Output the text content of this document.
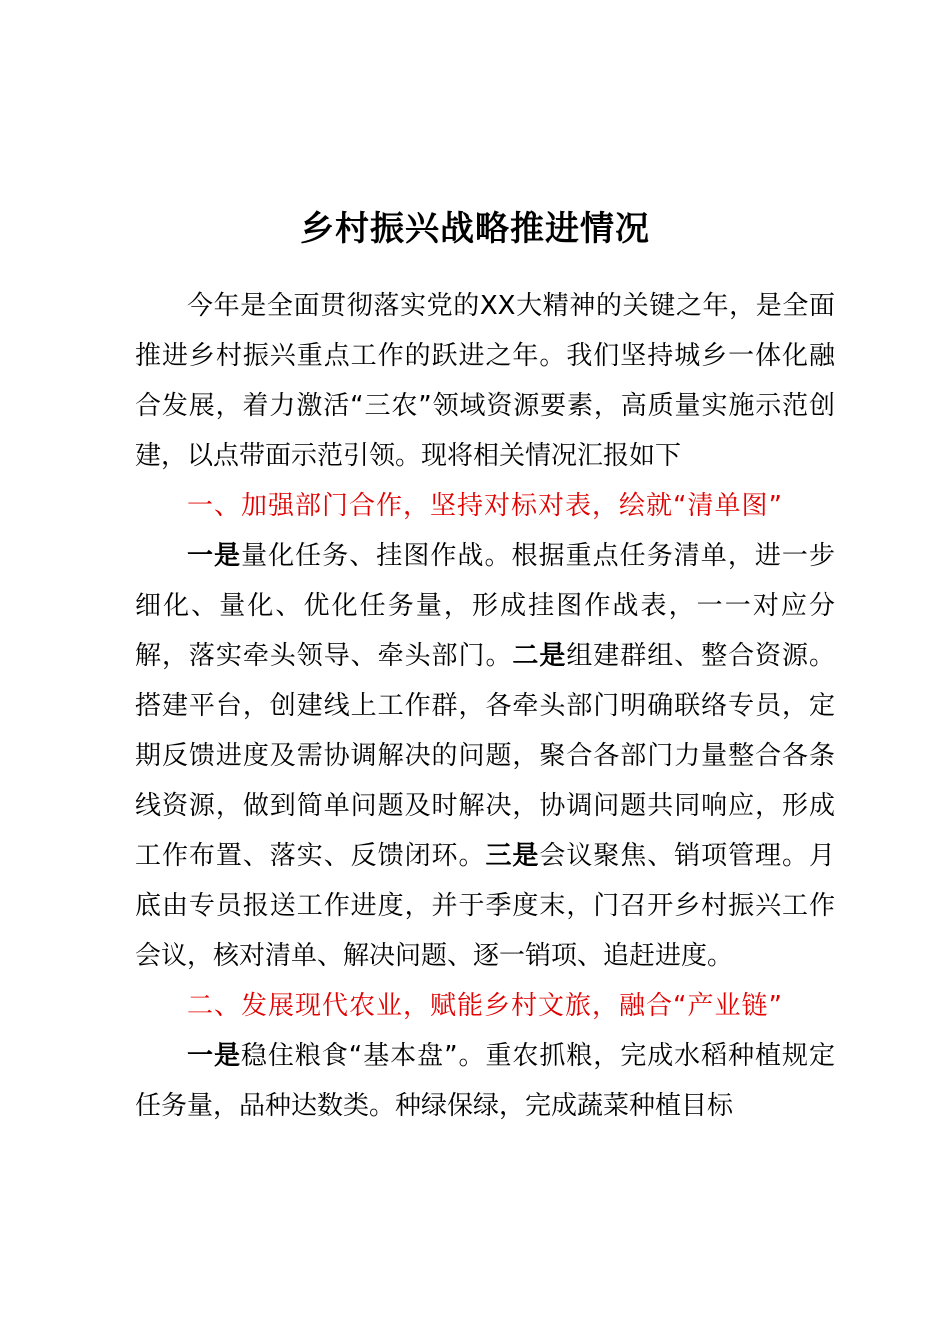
乡村振兴战略推进情况

今年是全面贯彻落实党的XX大精神的关键之年，是全面推进乡村振兴重点工作的跃进之年。我们坚持城乡一体化融合发展，着力激活“三农”领域资源要素，高质量实施示范创建，以点带面示范引领。现将相关情况汇报如下

一、加强部门合作，坚持对标对表，绘就“清单图”

一是量化任务、挂图作战。根据重点任务清单，进一步细化、量化、优化任务量，形成挂图作战表，一一对应分解，落实牵头领导、牵头部门。二是组建群组、整合资源。搭建平台，创建线上工作群，各牵头部门明确联络专员，定期反馈进度及需协调解决的问题，聚合各部门力量整合各条线资源，做到简单问题及时解决，协调问题共同响应，形成工作布置、落实、反馈闭环。三是会议聚焦、销项管理。月底由专员报送工作进度，并于季度末，门召开乡村振兴工作会议，核对清单、解决问题、逐一销项、追赶进度。

二、发展现代农业，赋能乡村文旅，融合“产业链”

一是稳住粮食“基本盘”。重农抓粮，完成水稻种植规定任务量，品种达数类。种绿保绿，完成蔬菜种植目标
